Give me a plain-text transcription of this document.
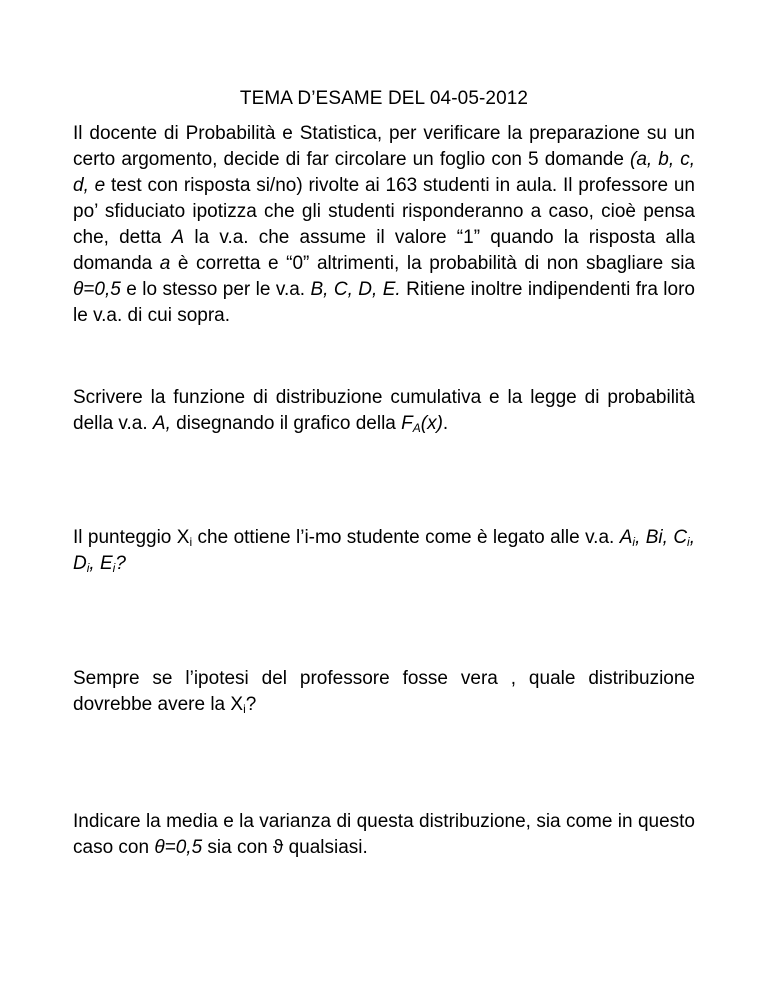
TEMA D’ESAME DEL 04-05-2012
Il docente di Probabilità e Statistica, per verificare la preparazione su un certo argomento, decide di far circolare un foglio con 5 domande (a, b, c, d, e test con risposta si/no) rivolte ai 163 studenti in aula. Il professore un po’ sfiduciato ipotizza che gli studenti risponderanno a caso, cioè pensa che, detta A la v.a. che assume il valore “1” quando la risposta alla domanda a è corretta e “0” altrimenti, la probabilità di non sbagliare sia θ=0,5 e lo stesso per le v.a. B, C, D, E. Ritiene inoltre indipendenti fra loro le v.a. di cui sopra.
Scrivere la funzione di distribuzione cumulativa e la legge di probabilità della v.a. A, disegnando il grafico della $F_A(x)$.
Il punteggio $X_i$ che ottiene l’i-mo studente come è legato alle v.a. $A_i$, Bi, $C_i$, $D_i$, $E_i$?
Sempre se l’ipotesi del professore fosse vera , quale distribuzione dovrebbe avere la $X_i$?
Indicare la media e la varianza di questa distribuzione, sia come in questo caso con θ=0,5 sia con ϑ qualsiasi.
